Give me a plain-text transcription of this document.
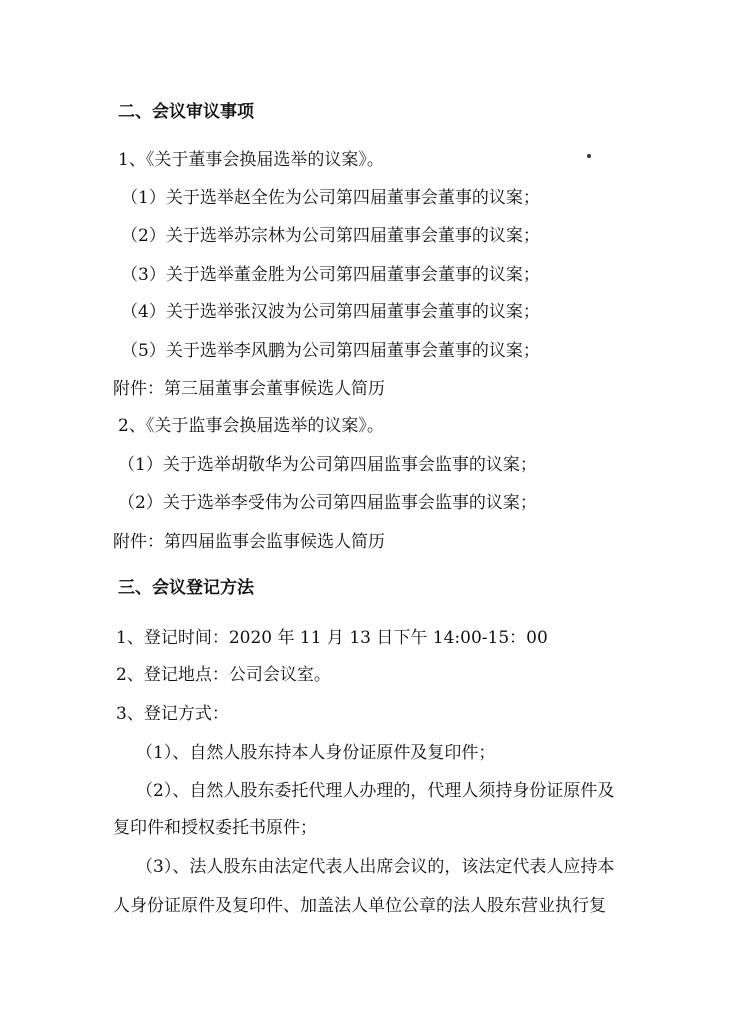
二、会议审议事项
1、《关于董事会换届选举的议案》。
（1）关于选举赵全佐为公司第四届董事会董事的议案；
（2）关于选举苏宗林为公司第四届董事会董事的议案；
（3）关于选举董金胜为公司第四届董事会董事的议案；
（4）关于选举张汉波为公司第四届董事会董事的议案；
（5）关于选举李风鹏为公司第四届董事会董事的议案；
附件：第三届董事会董事候选人简历
2、《关于监事会换届选举的议案》。
（1）关于选举胡敬华为公司第四届监事会监事的议案；
（2）关于选举李受伟为公司第四届监事会监事的议案；
附件：第四届监事会监事候选人简历
三、会议登记方法
1、登记时间：2020 年 11 月 13 日下午 14:00-15：00
2、登记地点：公司会议室。
3、登记方式：
（1）、自然人股东持本人身份证原件及复印件；
（2）、自然人股东委托代理人办理的，代理人须持身份证原件及
复印件和授权委托书原件；
（3）、法人股东由法定代表人出席会议的，该法定代表人应持本
人身份证原件及复印件、加盖法人单位公章的法人股东营业执行复
